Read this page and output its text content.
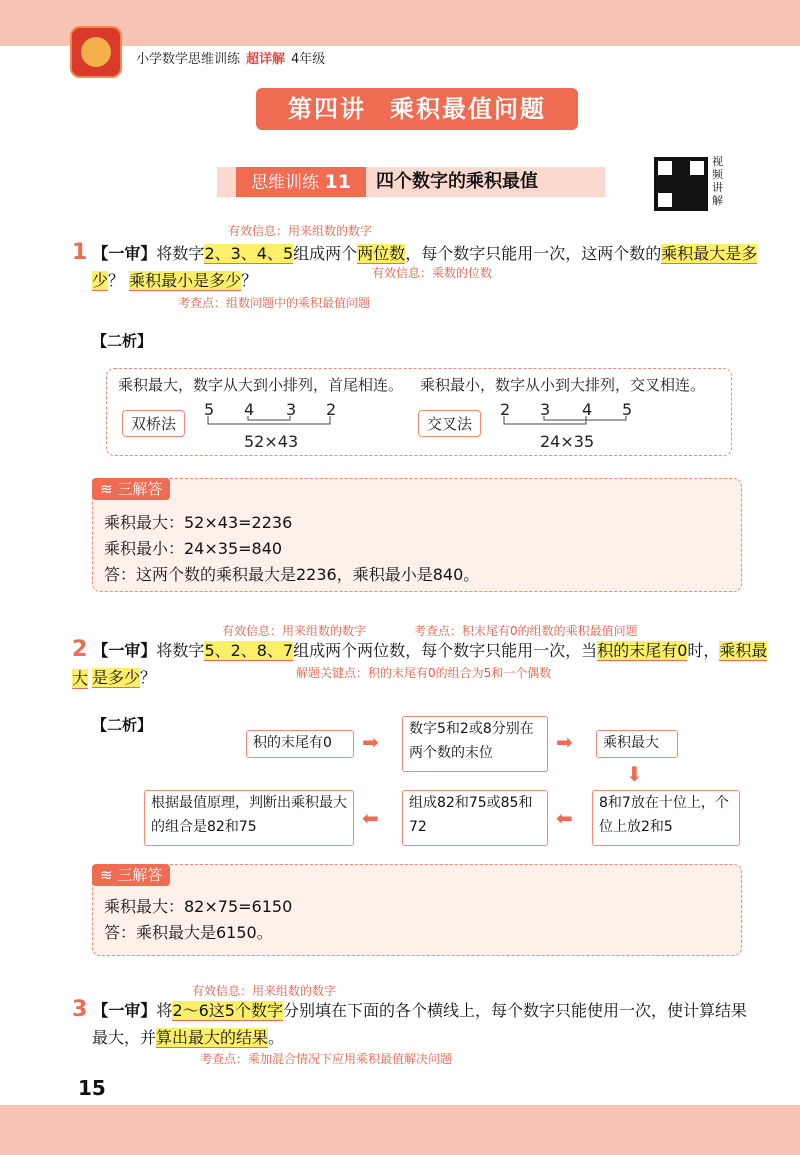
小学数学思维训练 超详解 4年级
第四讲 乘积最值问题
思维训练 11	四个数字的乘积最值
视频讲解
有效信息：用来组数的数字
1 【一审】将数字2、3、4、5组成两个两位数，每个数字只能用一次，这两个数的乘积最大是多
少？ 乘积最小是多少？	有效信息：乘数的位数
考查点：组数问题中的乘积最值问题
【二析】
乘积最大，数字从大到小排列，首尾相连。 乘积最小，数字从小到大排列，交叉相连。
双桥法	交叉法
5 4 3 2
52×43
2 3 4 5
24×35
≋ 三解答
乘积最大：52×43=2236
乘积最小：24×35=840
答：这两个数的乘积最大是2236，乘积最小是840。
有效信息：用来组数的数字	考查点：积末尾有0的组数的乘积最值问题
2 【一审】将数字5、2、8、7组成两个两位数，每个数字只能用一次，当积的末尾有0时，乘积最大 是多少？	解题关键点：积的末尾有0的组合为5和一个偶数
【二析】
积的末尾有0	➡
数字5和2或8分别在两个数的末位	➡	乘积最大
⬇
8和7放在十位上，个位上放2和5
⬅
组成82和75或85和72
⬅
根据最值原理，判断出乘积最大的组合是82和75
≋ 三解答
乘积最大：82×75=6150
答：乘积最大是6150。
有效信息：用来组数的数字
3 【一审】将2～6这5个数字分别填在下面的各个横线上，每个数字只能使用一次，使计算结果
最大，并算出最大的结果。
考查点：乘加混合情况下应用乘积最值解决问题
15
